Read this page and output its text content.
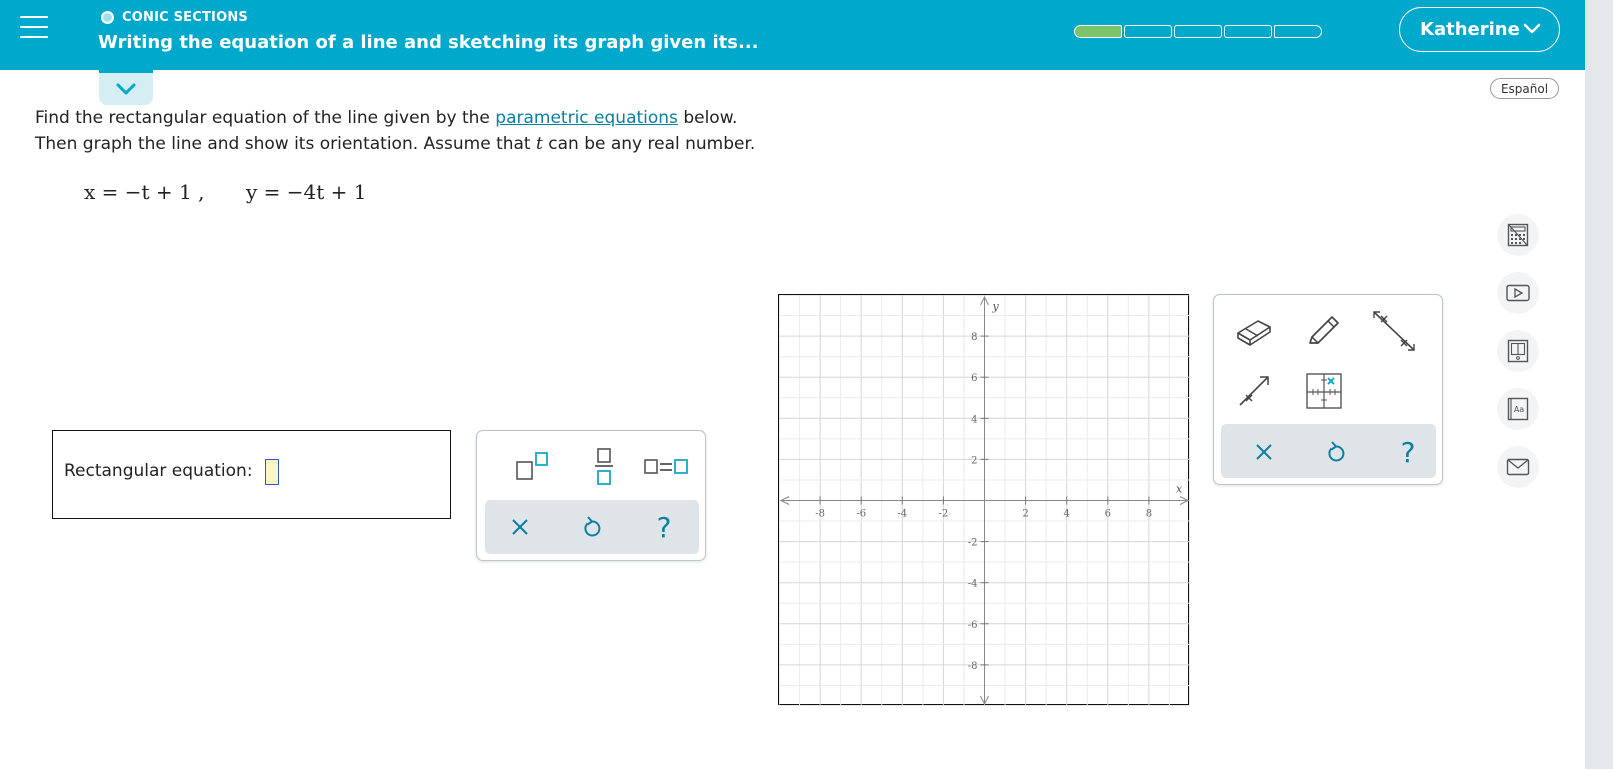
CONIC SECTIONS
Writing the equation of a line and sketching its graph given its...
Katherine
Español
Aa
Find the rectangular equation of the line given by the parametric equations below.
Then graph the line and show its orientation. Assume that t can be any real number.
x = −t + 1 , y = −4t + 1
Rectangular equation:
?	-8	-6	-4	-2	2	4	6	8
8
6
4
2
-2
-4
-6
-8
x
y
?
